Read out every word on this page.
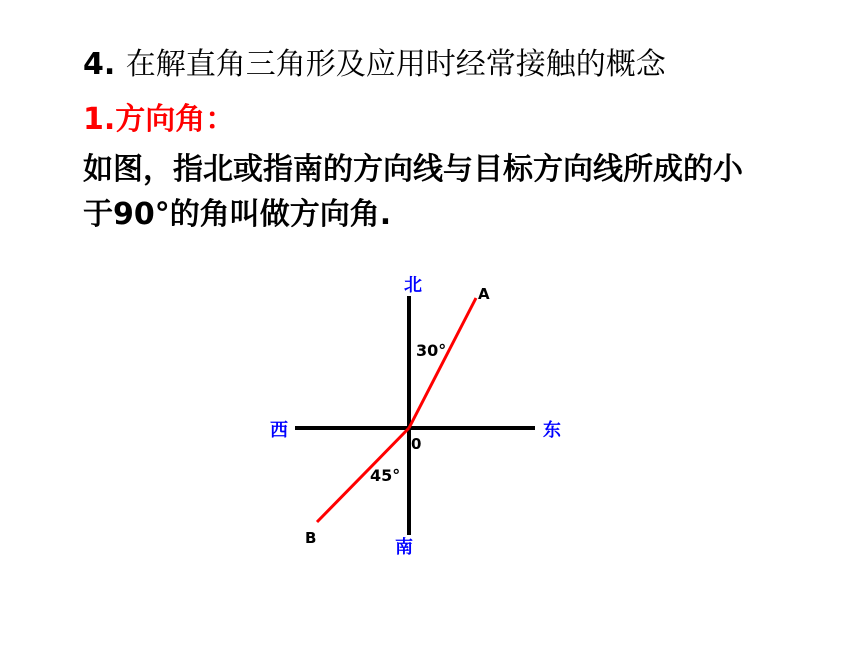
4. 在解直角三角形及应用时经常接触的概念
1.方向角：
如图，指北或指南的方向线与目标方向线所成的小
于90°的角叫做方向角.
北
南
东
西
A
B
0
30°
45°
